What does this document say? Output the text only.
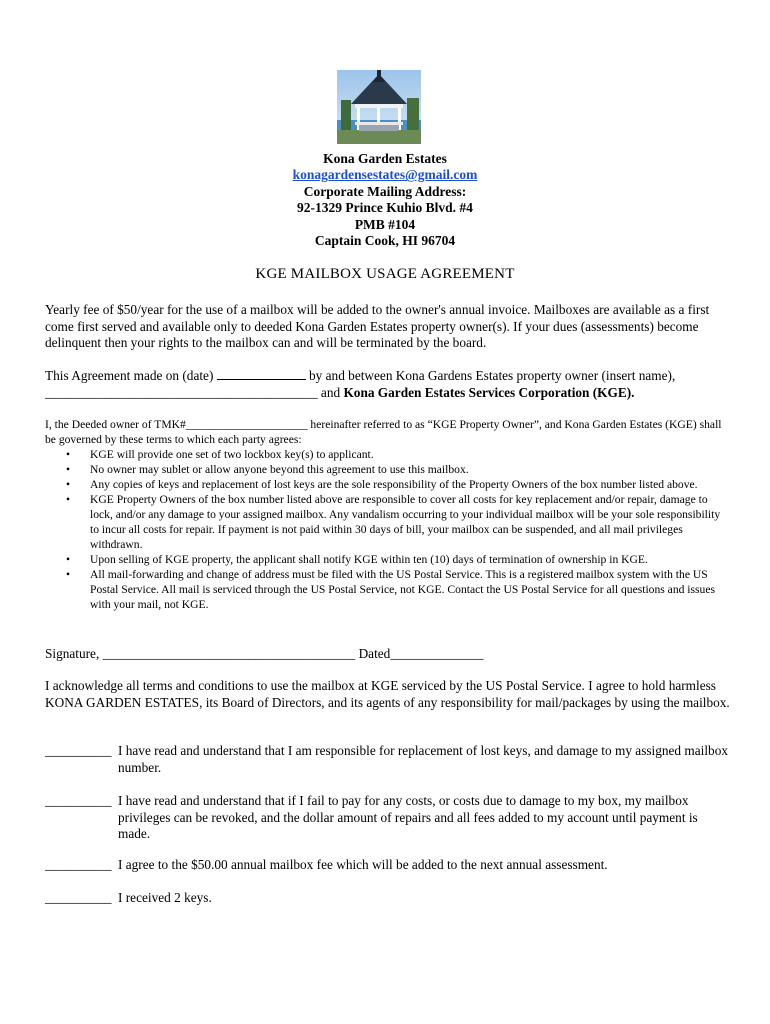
Kona Garden Estates
konagardensestates@gmail.com
Corporate Mailing Address:
92-1329 Prince Kuhio Blvd. #4
PMB #104
Captain Cook, HI 96704
KGE MAILBOX USAGE AGREEMENT
Yearly fee of $50/year for the use of a mailbox will be added to the owner's annual invoice. Mailboxes are available as a first come first served and available only to deeded Kona Garden Estates property owner(s). If your dues (assessments) become delinquent then your rights to the mailbox can and will be terminated by the board.
This Agreement made on (date)	by and between Kona Gardens Estates property owner (insert name),
_________________________________________ and Kona Garden Estates Services Corporation (KGE).
I, the Deeded owner of TMK#_____________________ hereinafter referred to as “KGE Property Owner”, and Kona Garden Estates (KGE) shall be governed by these terms to which each party agrees:
• KGE will provide one set of two lockbox key(s) to applicant.
• No owner may sublet or allow anyone beyond this agreement to use this mailbox.
• Any copies of keys and replacement of lost keys are the sole responsibility of the Property Owners of the box number listed above.
• KGE Property Owners of the box number listed above are responsible to cover all costs for key replacement and/or repair, damage to lock, and/or any damage to your assigned mailbox. Any vandalism occurring to your individual mailbox will be your sole responsibility to incur all costs for repair. If payment is not paid within 30 days of bill, your mailbox can be suspended, and all mail privileges withdrawn.
• Upon selling of KGE property, the applicant shall notify KGE within ten (10) days of termination of ownership in KGE.
• All mail-forwarding and change of address must be filed with the US Postal Service. This is a registered mailbox system with the US Postal Service. All mail is serviced through the US Postal Service, not KGE. Contact the US Postal Service for all questions and issues with your mail, not KGE.
Signature, ______________________________________ Dated______________
I acknowledge all terms and conditions to use the mailbox at KGE serviced by the US Postal Service. I agree to hold harmless KONA GARDEN ESTATES, its Board of Directors, and its agents of any responsibility for mail/packages by using the mailbox.
__________ I have read and understand that I am responsible for replacement of lost keys, and damage to my assigned mailbox number.
__________ I have read and understand that if I fail to pay for any costs, or costs due to damage to my box, my mailbox privileges can be revoked, and the dollar amount of repairs and all fees added to my account until payment is made.
__________ I agree to the $50.00 annual mailbox fee which will be added to the next annual assessment.
__________ I received 2 keys.
